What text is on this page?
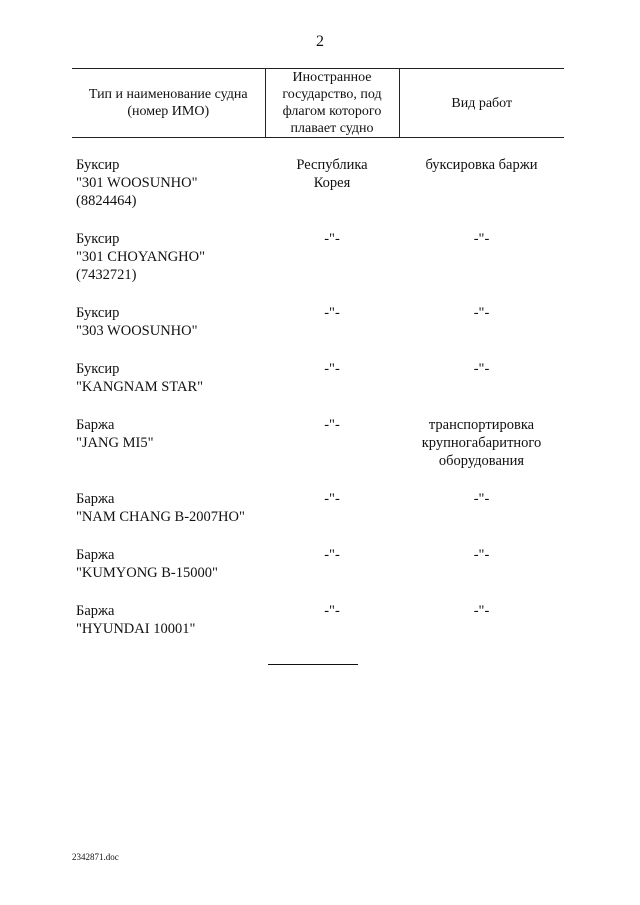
2
Тип и наименование судна
(номер ИМО)	Иностранное
государство, под
флагом которого
плавает судно	Вид работ

Буксир
"301 WOOSUNHO"
(8824464)	Республика
Корея	буксировка баржи

Буксир
"301 CHOYANGHO"
(7432721)	-"-	-"-

Буксир
"303 WOOSUNHO"	-"-	-"-

Буксир
"KANGNAM STAR"	-"-	-"-

Баржа
"JANG MI5"	-"-	транспортировка
крупногабаритного
оборудования

Баржа
"NAM CHANG B-2007HO"	-"-	-"-

Баржа
"KUMYONG B-15000"	-"-	-"-

Баржа
"HYUNDAI 10001"	-"-	-"-
2342871.doc
